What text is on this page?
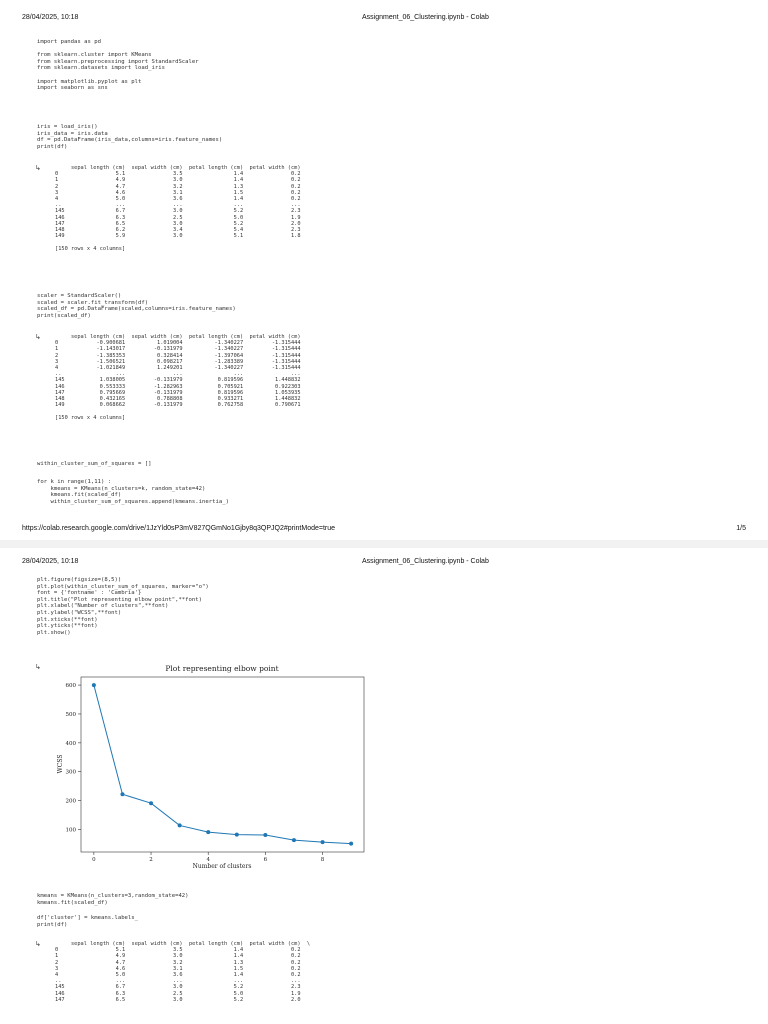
28/04/2025, 10:18	Assignment_06_Clustering.ipynb - Colab
import pandas as pd

from sklearn.cluster import KMeans
from sklearn.preprocessing import StandardScaler
from sklearn.datasets import load_iris

import matplotlib.pyplot as plt
import seaborn as sns
iris = load_iris()
iris_data = iris.data
df = pd.DataFrame(iris_data,columns=iris.feature_names)
print(df)
↳	sepal length (cm)  sepal width (cm)  petal length (cm)  petal width (cm)
0                  5.1               3.5                1.4               0.2
1                  4.9               3.0                1.4               0.2
2                  4.7               3.2                1.3               0.2
3                  4.6               3.1                1.5               0.2
4                  5.0               3.6                1.4               0.2
..                 ...               ...                ...               ...
145                6.7               3.0                5.2               2.3
146                6.3               2.5                5.0               1.9
147                6.5               3.0                5.2               2.0
148                6.2               3.4                5.4               2.3
149                5.9               3.0                5.1               1.8

[150 rows x 4 columns]
scaler = StandardScaler()
scaled = scaler.fit_transform(df)
scaled_df = pd.DataFrame(scaled,columns=iris.feature_names)
print(scaled_df)
↳	sepal length (cm)  sepal width (cm)  petal length (cm)  petal width (cm)
0            -0.900681          1.019004          -1.340227         -1.315444
1            -1.143017         -0.131979          -1.340227         -1.315444
2            -1.385353          0.328414          -1.397064         -1.315444
3            -1.506521          0.098217          -1.283389         -1.315444
4            -1.021849          1.249201          -1.340227         -1.315444
..                 ...               ...                ...               ...
145           1.038005         -0.131979           0.819596          1.448832
146           0.553333         -1.282963           0.705921          0.922303
147           0.795669         -0.131979           0.819596          1.053935
148           0.432165          0.788808           0.933271          1.448832
149           0.068662         -0.131979           0.762758          0.790671

[150 rows x 4 columns]
within_cluster_sum_of_squares = []
for k in range(1,11) :
kmeans = KMeans(n_clusters=k, random_state=42)
kmeans.fit(scaled_df)
within_cluster_sum_of_squares.append(kmeans.inertia_)
https://colab.research.google.com/drive/1JzYld0sP3mV827QGmNo1Gjby8q3QPJQ2#printMode=true	1/5
28/04/2025, 10:18	Assignment_06_Clustering.ipynb - Colab
plt.figure(figsize=(8,5))
plt.plot(within_cluster_sum_of_squares, marker="o")
font = {'fontname' : 'Cambria'}
plt.title("Plot representing elbow point",**font)
plt.xlabel("Number of clusters",**font)
plt.ylabel("WCSS",**font)
plt.xticks(**font)
plt.yticks(**font)
plt.show()
↳	Plot representing elbow point
100
200
300
400
500
600
0	2	4	6	8
Number of clusters
WCSS
kmeans = KMeans(n_clusters=3,random_state=42)
kmeans.fit(scaled_df)
df['cluster'] = kmeans.labels_
print(df)
↳	sepal length (cm)  sepal width (cm)  petal length (cm)  petal width (cm)  \
0                  5.1               3.5                1.4               0.2
1                  4.9               3.0                1.4               0.2
2                  4.7               3.2                1.3               0.2
3                  4.6               3.1                1.5               0.2
4                  5.0               3.6                1.4               0.2
..                 ...               ...                ...               ...
145                6.7               3.0                5.2               2.3
146                6.3               2.5                5.0               1.9
147                6.5               3.0                5.2               2.0
